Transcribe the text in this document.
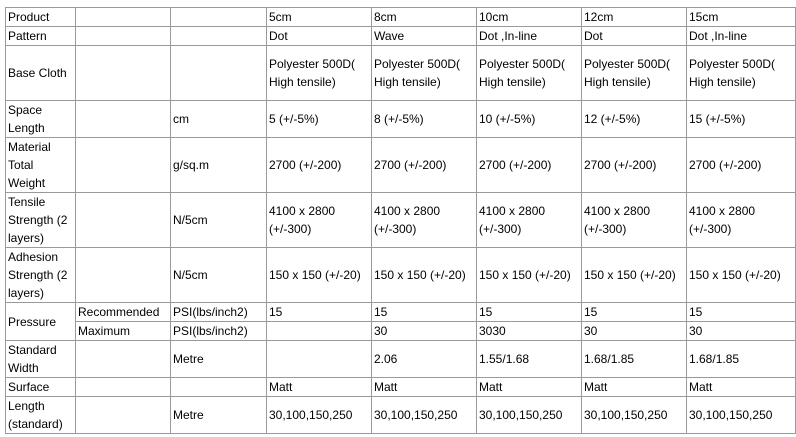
Product			5cm	8cm	10cm	12cm	15cm
Pattern			Dot	Wave	Dot ,In-line	Dot	Dot ,In-line
Base Cloth			Polyester 500D( High tensile)	Polyester 500D( High tensile)	Polyester 500D( High tensile)	Polyester 500D( High tensile)	Polyester 500D( High tensile)
Space Length		cm	5 (+/-5%)	8 (+/-5%)	10 (+/-5%)	12 (+/-5%)	15 (+/-5%)
Material Total Weight		g/sq.m	2700 (+/-200)	2700 (+/-200)	2700 (+/-200)	2700 (+/-200)	2700 (+/-200)
Tensile Strength (2 layers)		N/5cm	4100 x 2800 (+/-300)	4100 x 2800 (+/-300)	4100 x 2800 (+/-300)	4100 x 2800 (+/-300)	4100 x 2800 (+/-300)
Adhesion Strength (2 layers)		N/5cm	150 x 150 (+/-20)	150 x 150 (+/-20)	150 x 150 (+/-20)	150 x 150 (+/-20)	150 x 150 (+/-20)
Pressure	Recommended	PSI(lbs/inch2)	15	15	15	15	15
	Maximum	PSI(lbs/inch2)		30	3030	30	30
Standard Width		Metre		2.06	1.55/1.68	1.68/1.85	1.68/1.85
Surface			Matt	Matt	Matt	Matt	Matt
Length (standard)		Metre	30,100,150,250	30,100,150,250	30,100,150,250	30,100,150,250	30,100,150,250
